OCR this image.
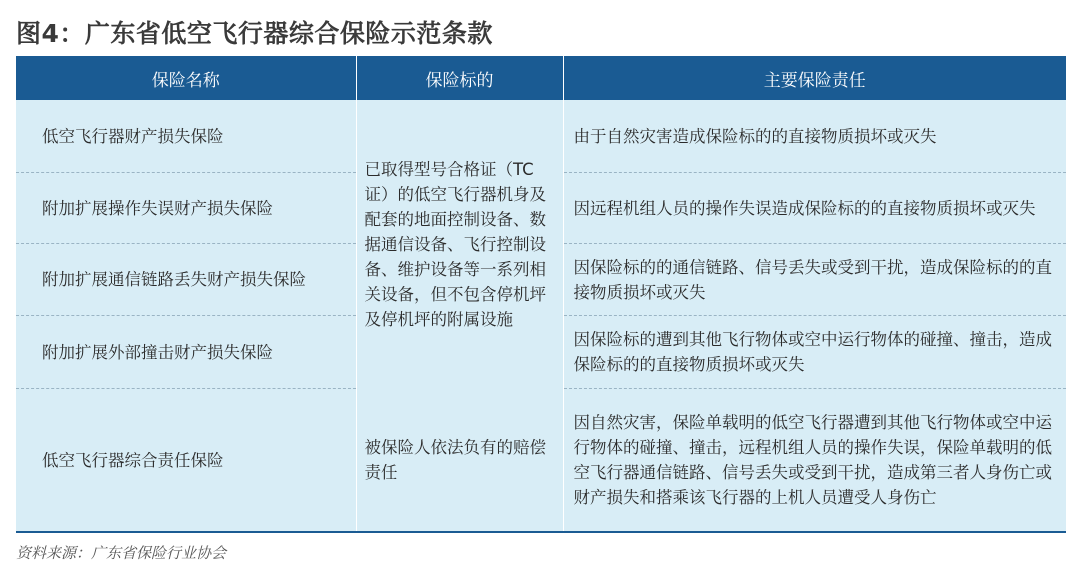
图4：广东省低空飞行器综合保险示范条款
保险名称	保险标的	主要保险责任
低空飞行器财产损失保险	已取得型号合格证（TC证）的低空飞行器机身及配套的地面控制设备、数据通信设备、飞行控制设备、维护设备等一系列相关设备，但不包含停机坪及停机坪的附属设施	由于自然灾害造成保险标的的直接物质损坏或灭失
附加扩展操作失误财产损失保险		因远程机组人员的操作失误造成保险标的的直接物质损坏或灭失
附加扩展通信链路丢失财产损失保险		因保险标的的通信链路、信号丢失或受到干扰，造成保险标的的直接物质损坏或灭失
附加扩展外部撞击财产损失保险		因保险标的遭到其他飞行物体或空中运行物体的碰撞、撞击，造成保险标的的直接物质损坏或灭失
低空飞行器综合责任保险	被保险人依法负有的赔偿责任	因自然灾害，保险单载明的低空飞行器遭到其他飞行物体或空中运行物体的碰撞、撞击，远程机组人员的操作失误，保险单载明的低空飞行器通信链路、信号丢失或受到干扰，造成第三者人身伤亡或财产损失和搭乘该飞行器的上机人员遭受人身伤亡
资料来源：广东省保险行业协会
